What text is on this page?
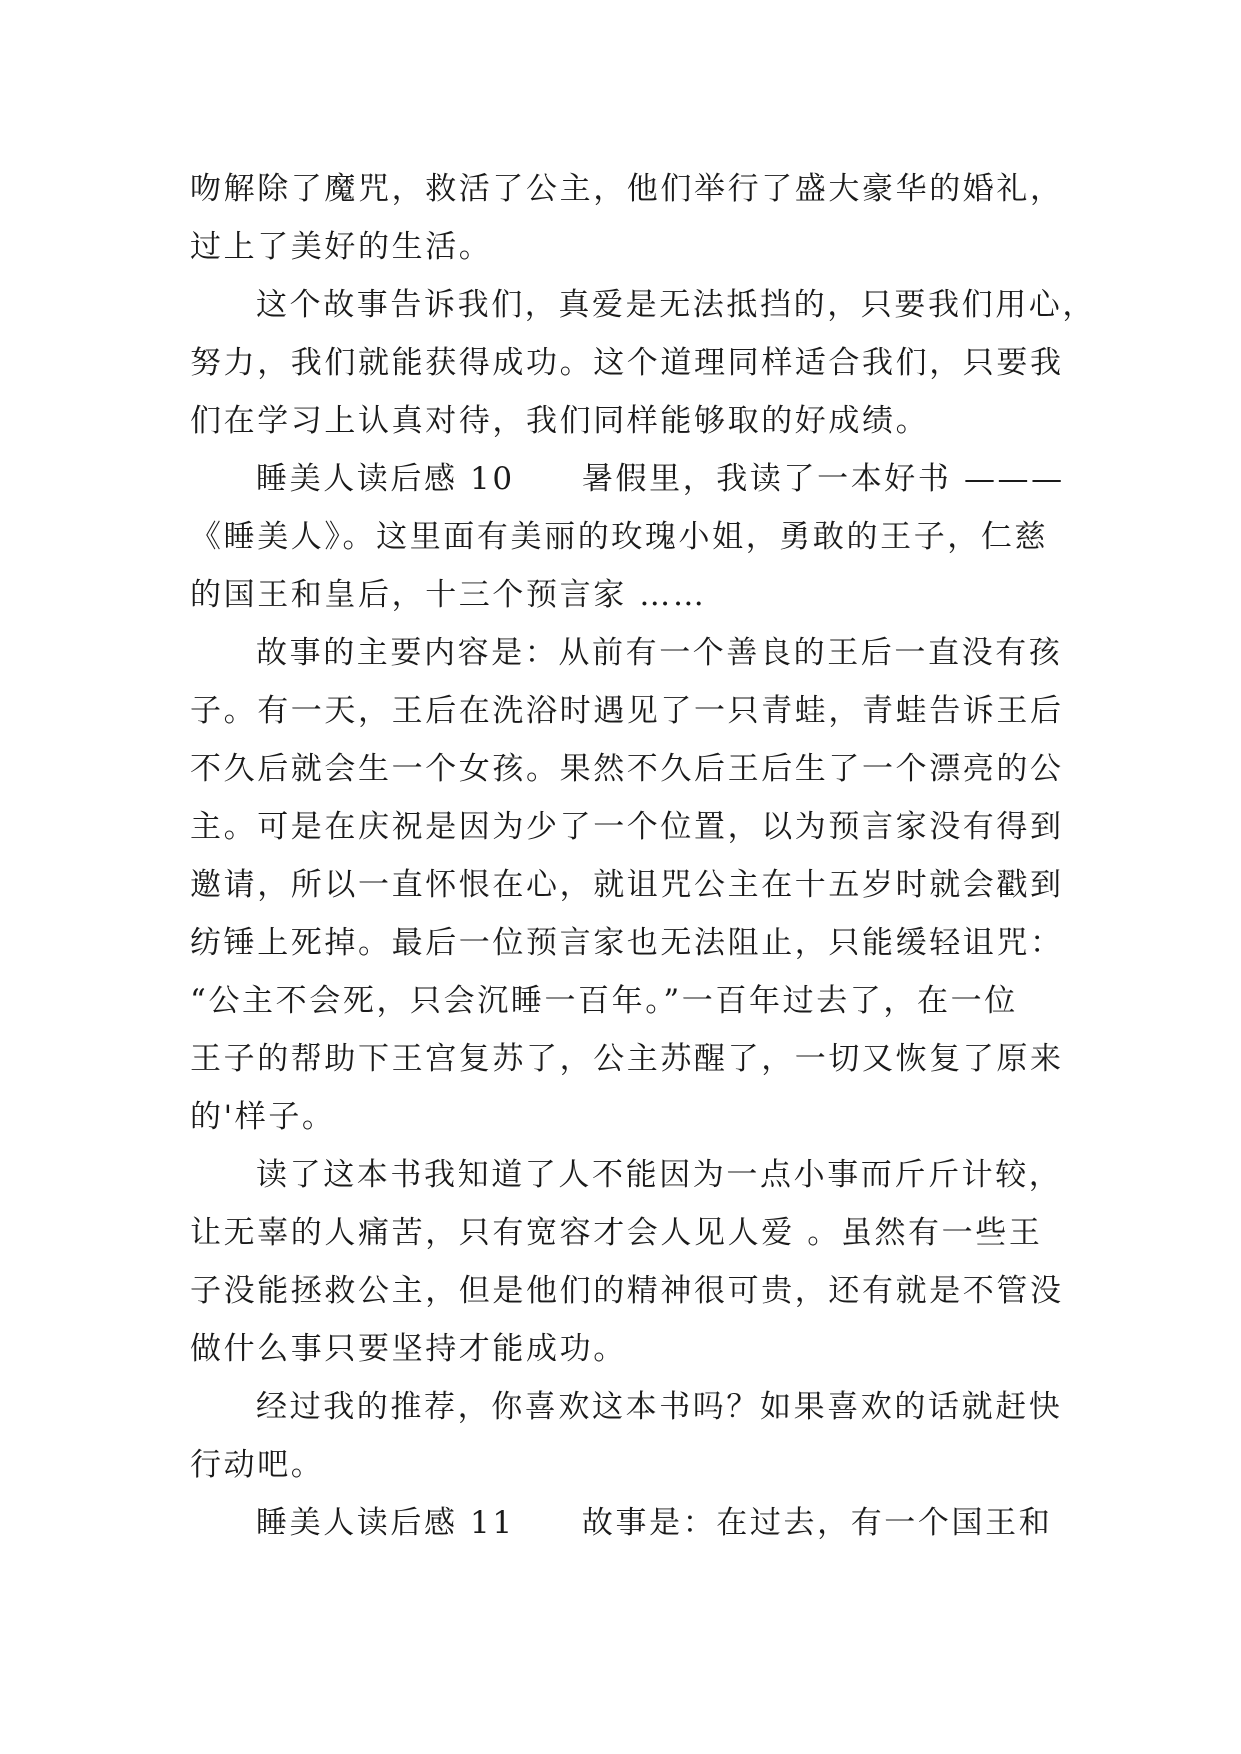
吻解除了魔咒，救活了公主，他们举行了盛大豪华的婚礼，
过上了美好的生活。

这个故事告诉我们，真爱是无法抵挡的，只要我们用心，
努力，我们就能获得成功。这个道理同样适合我们，只要我
们在学习上认真对待，我们同样能够取的好成绩。

睡美人读后感 10　　暑假里，我读了一本好书 ———
《睡美人》。这里面有美丽的玫瑰小姐，勇敢的王子，仁慈
的国王和皇后，十三个预言家 ……

故事的主要内容是：从前有一个善良的王后一直没有孩
子。有一天，王后在洗浴时遇见了一只青蛙，青蛙告诉王后
不久后就会生一个女孩。果然不久后王后生了一个漂亮的公
主。可是在庆祝是因为少了一个位置，以为预言家没有得到
邀请，所以一直怀恨在心，就诅咒公主在十五岁时就会戳到
纺锤上死掉。最后一位预言家也无法阻止，只能缓轻诅咒：
“公主不会死，只会沉睡一百年。”一百年过去了，在一位
王子的帮助下王宫复苏了，公主苏醒了，一切又恢复了原来
的'样子。

读了这本书我知道了人不能因为一点小事而斤斤计较，
让无辜的人痛苦，只有宽容才会人见人爱 。虽然有一些王
子没能拯救公主，但是他们的精神很可贵，还有就是不管没
做什么事只要坚持才能成功。

经过我的推荐，你喜欢这本书吗？如果喜欢的话就赶快
行动吧。

睡美人读后感 11　　故事是：在过去，有一个国王和
